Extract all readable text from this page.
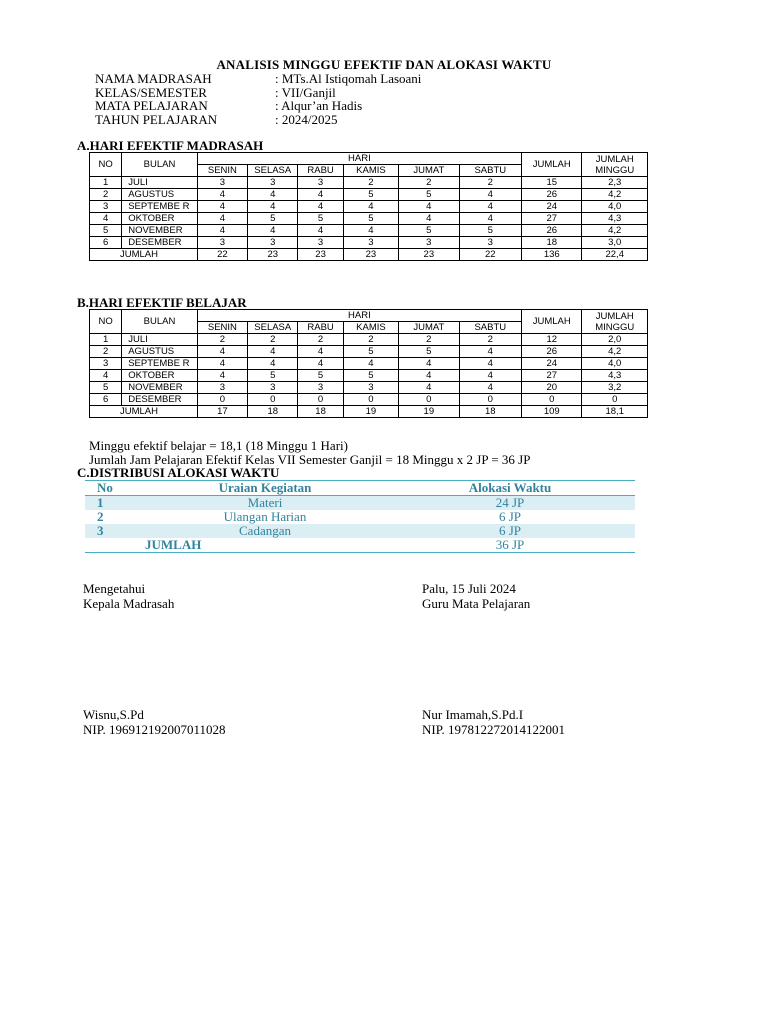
ANALISIS MINGGU EFEKTIF DAN ALOKASI WAKTU
NAMA MADRASAH	: MTs.Al Istiqomah Lasoani
KELAS/SEMESTER	: VII/Ganjil
MATA PELAJARAN	: Alqur’an Hadis
TAHUN PELAJARAN	: 2024/2025
A.HARI EFEKTIF MADRASAH
NO	BULAN	HARI						JUMLAH	JUMLAH MINGGU
		SENIN	SELASA	RABU	KAMIS	JUMAT	SABTU		
1	JULI	3	3	3	2	2	2	15	2,3
2	AGUSTUS	4	4	4	5	5	4	26	4,2
3	SEPTEMBE R	4	4	4	4	4	4	24	4,0
4	OKTOBER	4	5	5	5	4	4	27	4,3
5	NOVEMBER	4	4	4	4	5	5	26	4,2
6	DESEMBER	3	3	3	3	3	3	18	3,0
JUMLAH		22	23	23	23	23	22	136	22,4
B.HARI EFEKTIF BELAJAR
NO	BULAN	HARI						JUMLAH	JUMLAH MINGGU
		SENIN	SELASA	RABU	KAMIS	JUMAT	SABTU		
1	JULI	2	2	2	2	2	2	12	2,0
2	AGUSTUS	4	4	4	5	5	4	26	4,2
3	SEPTEMBE R	4	4	4	4	4	4	24	4,0
4	OKTOBER	4	5	5	5	4	4	27	4,3
5	NOVEMBER	3	3	3	3	4	4	20	3,2
6	DESEMBER	0	0	0	0	0	0	0	0
JUMLAH		17	18	18	19	19	18	109	18,1
Minggu efektif belajar = 18,1 (18 Minggu 1 Hari)
Jumlah Jam Pelajaran Efektif Kelas VII Semester Ganjil = 18 Minggu x 2 JP = 36 JP
C.DISTRIBUSI ALOKASI WAKTU
No	Uraian Kegiatan	Alokasi Waktu
1	Materi	24 JP
2	Ulangan Harian	6 JP
3	Cadangan	6 JP
	JUMLAH	36 JP
Mengetahui
Kepala Madrasah
Palu, 15 Juli 2024
Guru Mata Pelajaran
Wisnu,S.Pd
NIP. 196912192007011028
Nur Imamah,S.Pd.I
NIP. 197812272014122001
